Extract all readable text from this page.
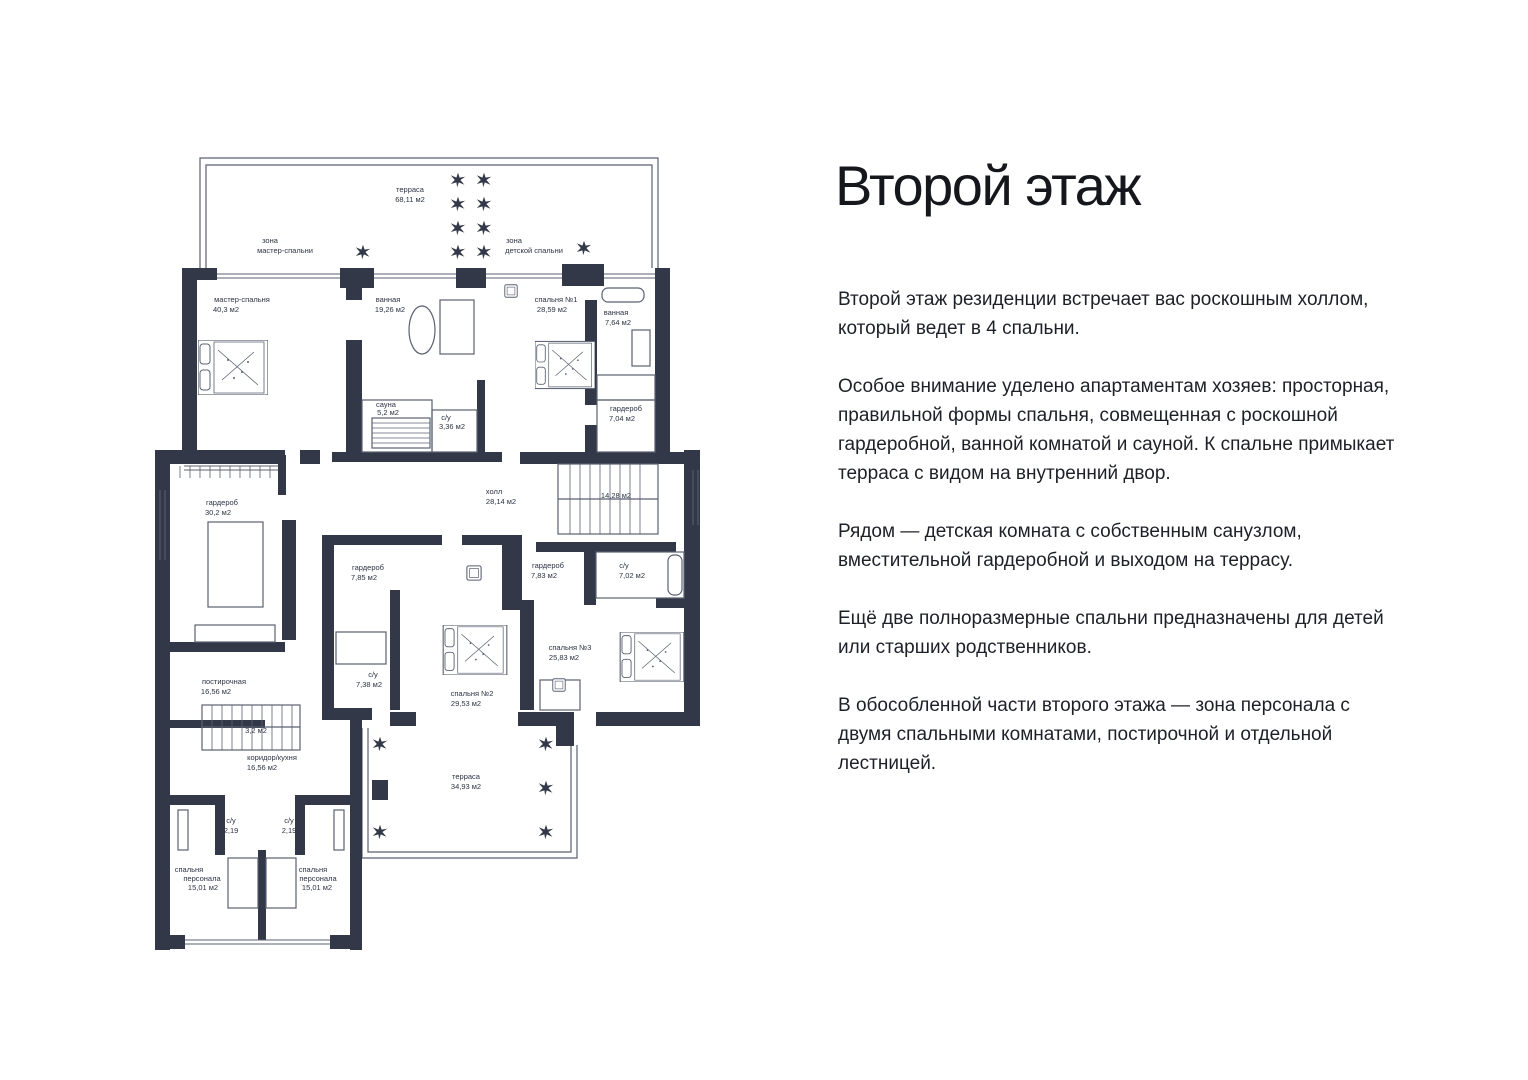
терраса
68,11 м2
зона
мастер-спальни
зона
детской спальни
мастер-спальня
40,3 м2
ванная
19,26 м2
сауна
5,2 м2
с/у
3,36 м2
спальня №1
28,59 м2	ванная
7,64 м2
гардероб
7,04 м2
гардероб
30,2 м2
холл
28,14 м2
14,28 м2
гардероб
7,85 м2
гардероб
7,83 м2
с/у
7,02 м2
с/у
7,38 м2
спальня №2
29,53 м2
спальня №3
25,83 м2
постирочная
16,56 м2
3,2 м2
коридор/кухня
16,56 м2
терраса
34,93 м2
с/у
2,19
с/у
2,19
спальня
персонала
15,01 м2
спальня
персонала
15,01 м2
Второй этаж

Второй этаж резиденции встречает вас роскошным холлом, который ведет в 4 спальни.

Особое внимание уделено апартаментам хозяев: просторная, правильной формы спальня, совмещенная с роскошной гардеробной, ванной комнатой и сауной. К спальне примыкает терраса с видом на внутренний двор.

Рядом — детская комната с собственным санузлом, вместительной гардеробной и выходом на террасу.

Ещё две полноразмерные спальни предназначены для детей или старших родственников.

В обособленной части второго этажа — зона персонала с двумя спальными комнатами, постирочной и отдельной лестницей.
